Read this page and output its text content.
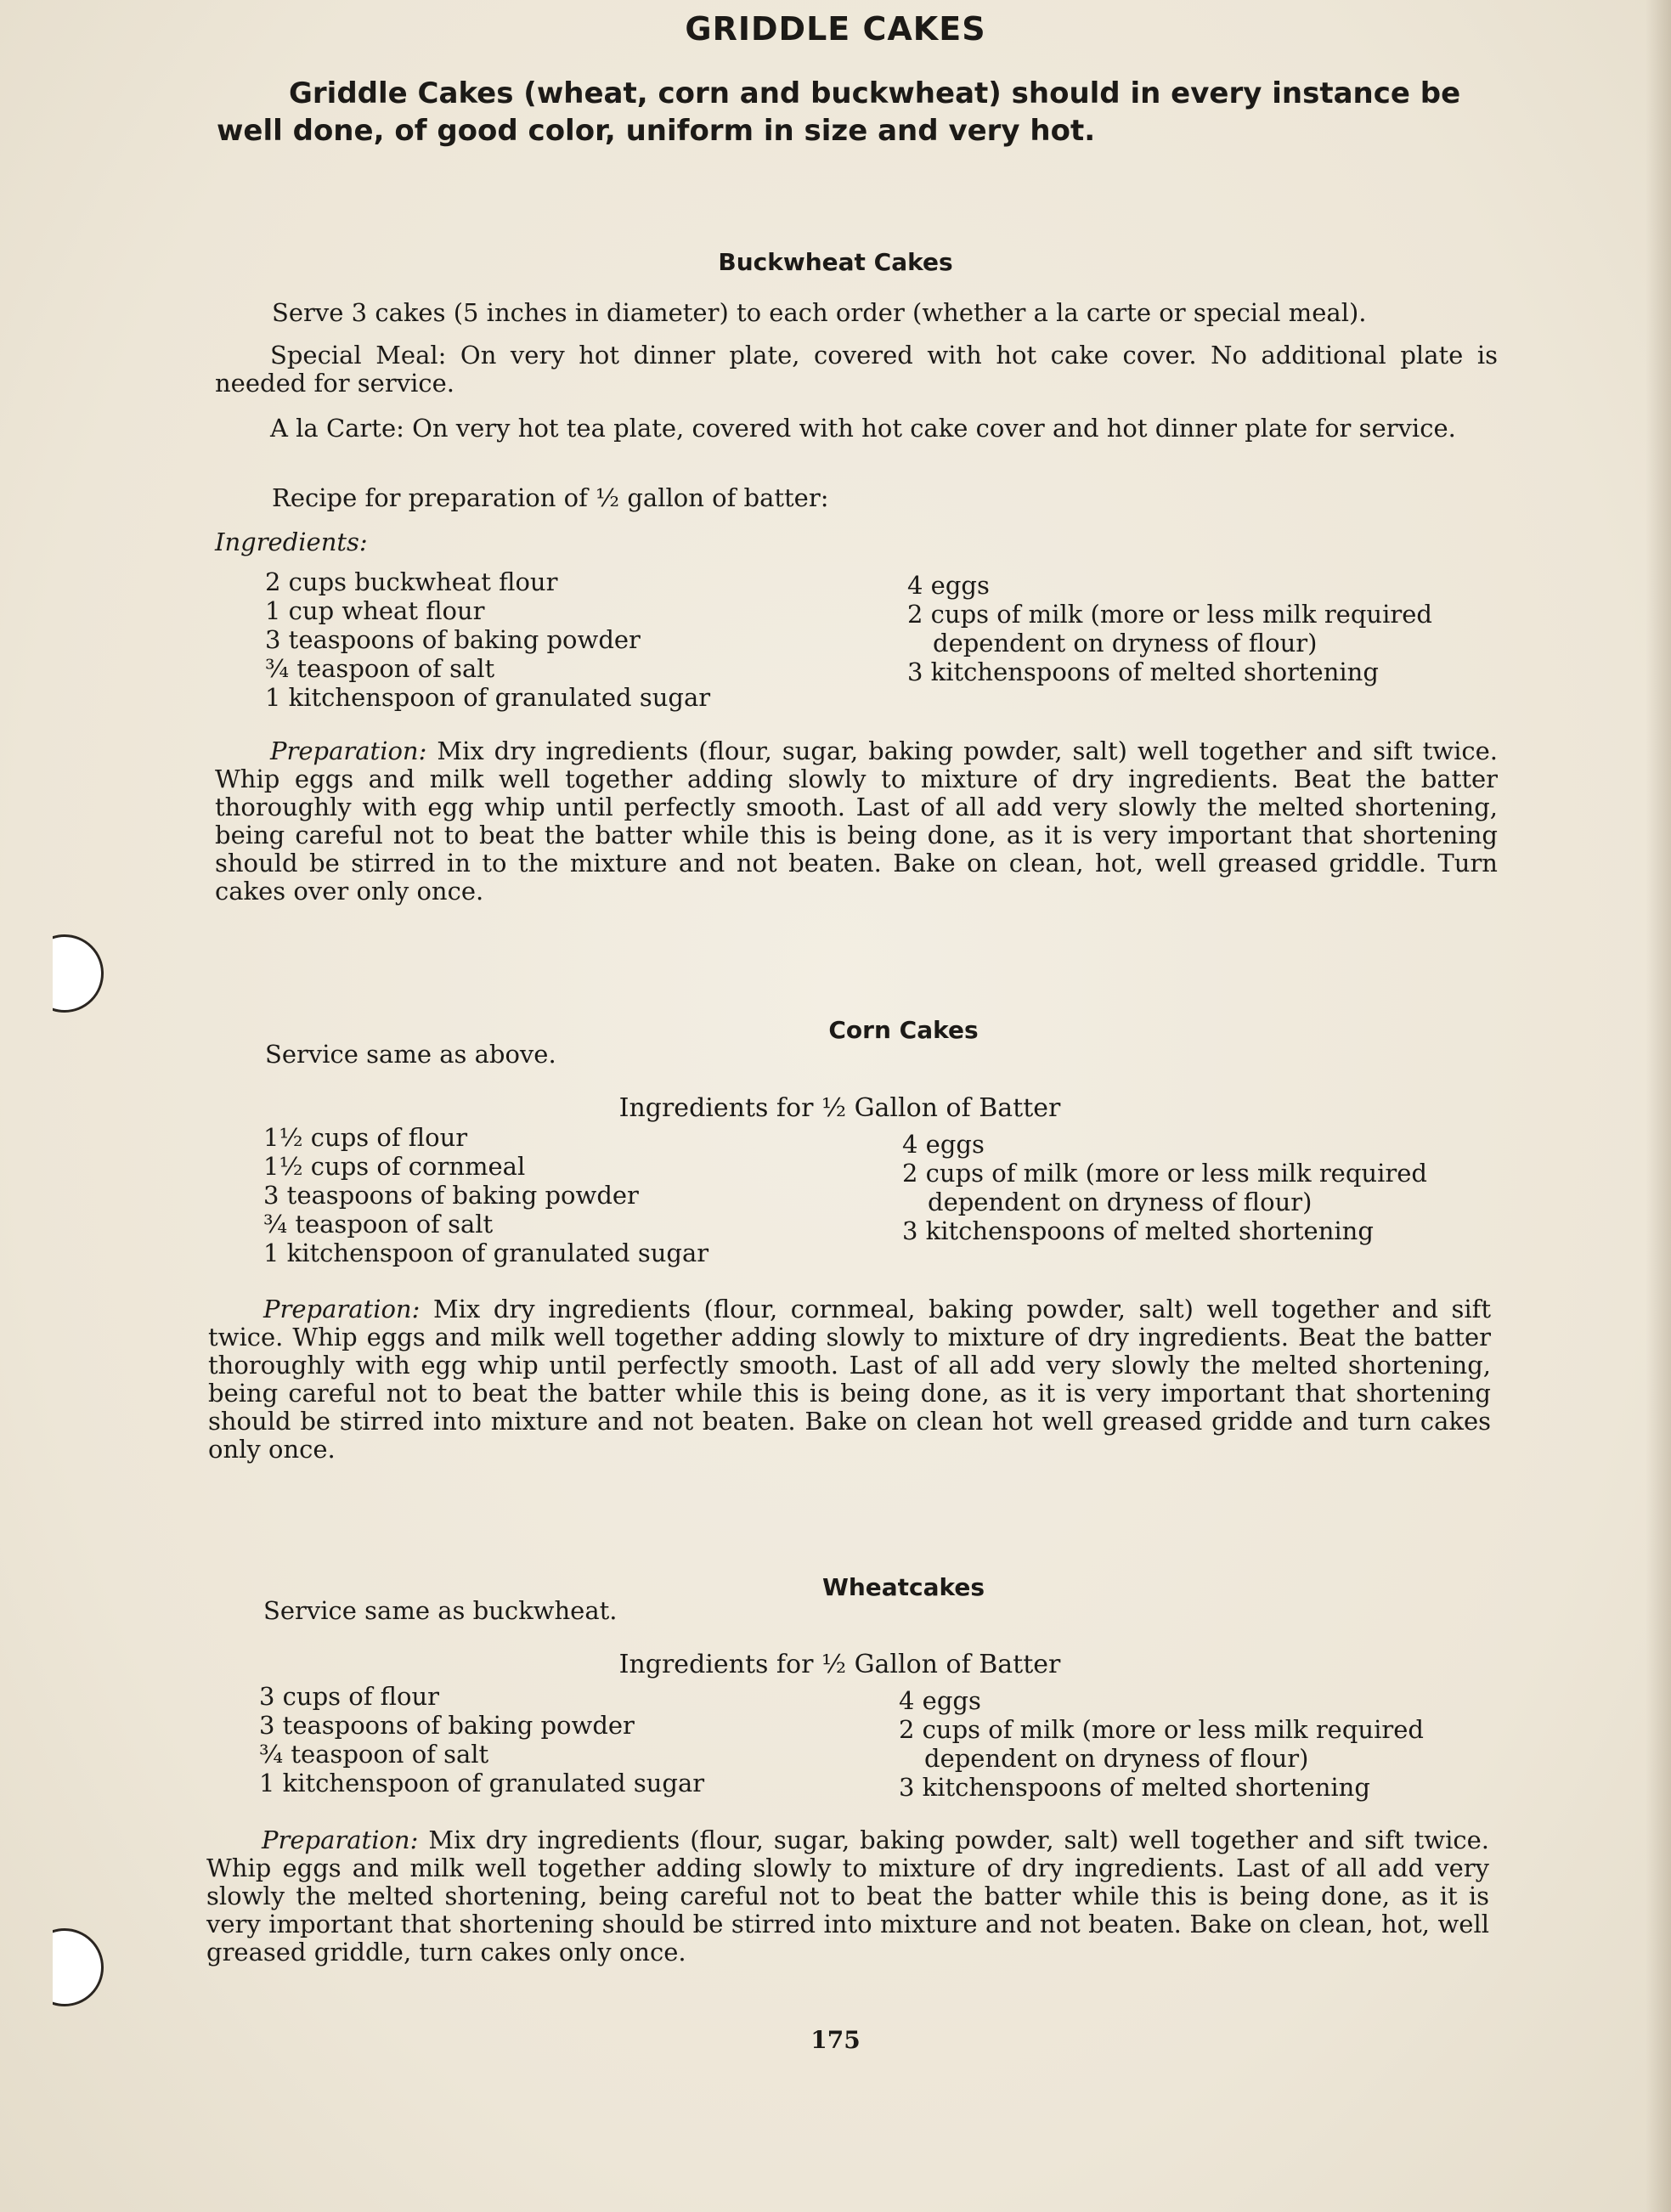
GRIDDLE CAKES

Griddle Cakes (wheat, corn and buckwheat) should in every instance be well done, of good color, uniform in size and very hot.

Buckwheat Cakes

Serve 3 cakes (5 inches in diameter) to each order (whether a la carte or special meal).

Special Meal: On very hot dinner plate, covered with hot cake cover. No additional plate is needed for service.

A la Carte: On very hot tea plate, covered with hot cake cover and hot dinner plate for service.

Recipe for preparation of ½ gallon of batter:

Ingredients:

2 cups buckwheat flour
1 cup wheat flour
3 teaspoons of baking powder
¾ teaspoon of salt
1 kitchenspoon of granulated sugar
4 eggs
2 cups of milk (more or less milk required
dependent on dryness of flour)
3 kitchenspoons of melted shortening

Preparation: Mix dry ingredients (flour, sugar, baking powder, salt) well together and sift twice. Whip eggs and milk well together adding slowly to mixture of dry ingredients. Beat the batter thoroughly with egg whip until perfectly smooth. Last of all add very slowly the melted shortening, being careful not to beat the batter while this is being done, as it is very important that shortening should be stirred in to the mixture and not beaten. Bake on clean, hot, well greased griddle. Turn cakes over only once.

Corn Cakes

Service same as above.

Ingredients for ½ Gallon of Batter

1½ cups of flour
1½ cups of cornmeal
3 teaspoons of baking powder
¾ teaspoon of salt
1 kitchenspoon of granulated sugar
4 eggs
2 cups of milk (more or less milk required
dependent on dryness of flour)
3 kitchenspoons of melted shortening

Preparation: Mix dry ingredients (flour, cornmeal, baking powder, salt) well together and sift twice. Whip eggs and milk well together adding slowly to mixture of dry ingredients. Beat the batter thoroughly with egg whip until perfectly smooth. Last of all add very slowly the melted shortening, being careful not to beat the batter while this is being done, as it is very important that shortening should be stirred into mixture and not beaten. Bake on clean hot well greased gridde and turn cakes only once.

Wheatcakes

Service same as buckwheat.

Ingredients for ½ Gallon of Batter

3 cups of flour
3 teaspoons of baking powder
¾ teaspoon of salt
1 kitchenspoon of granulated sugar
4 eggs
2 cups of milk (more or less milk required
dependent on dryness of flour)
3 kitchenspoons of melted shortening

Preparation: Mix dry ingredients (flour, sugar, baking powder, salt) well together and sift twice. Whip eggs and milk well together adding slowly to mixture of dry ingredients. Last of all add very slowly the melted shortening, being careful not to beat the batter while this is being done, as it is very important that shortening should be stirred into mixture and not beaten. Bake on clean, hot, well greased griddle, turn cakes only once.

175
